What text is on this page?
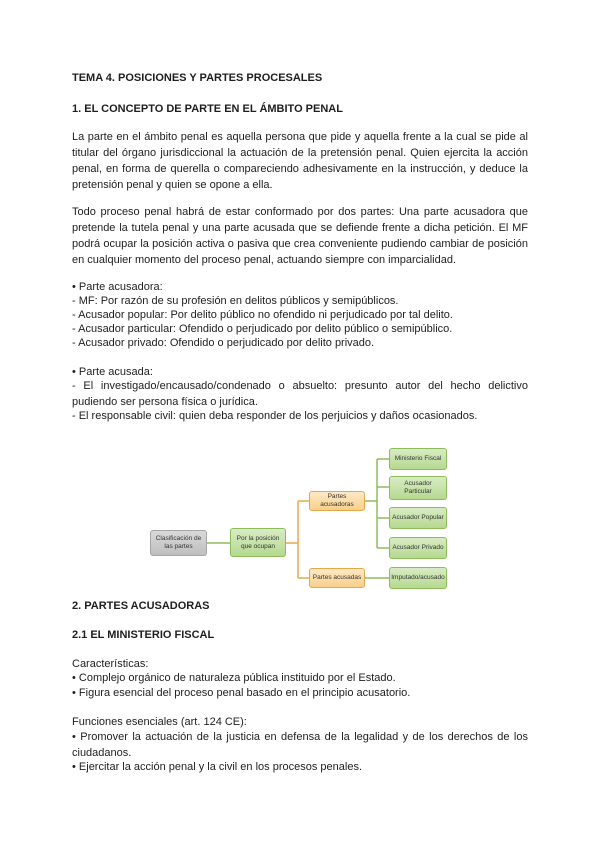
TEMA 4. POSICIONES Y PARTES PROCESALES
1. EL CONCEPTO DE PARTE EN EL ÁMBITO PENAL
La parte en el ámbito penal es aquella persona que pide y aquella frente a la cual se pide al titular del órgano jurisdiccional la actuación de la pretensión penal. Quien ejercita la acción penal, en forma de querella o compareciendo adhesivamente en la instrucción, y deduce la pretensión penal y quien se opone a ella.
Todo proceso penal habrá de estar conformado por dos partes: Una parte acusadora que pretende la tutela penal y una parte acusada que se defiende frente a dicha petición. El MF podrá ocupar la posición activa o pasiva que crea conveniente pudiendo cambiar de posición en cualquier momento del proceso penal, actuando siempre con imparcialidad.
• Parte acusadora:
- MF: Por razón de su profesión en delitos públicos y semipúblicos.
- Acusador popular: Por delito público no ofendido ni perjudicado por tal delito.
- Acusador particular: Ofendido o perjudicado por delito público o semipúblico.
- Acusador privado: Ofendido o perjudicado por delito privado.
• Parte acusada:
- El investigado/encausado/condenado o absuelto: presunto autor del hecho delictivo pudiendo ser persona física o jurídica.
- El responsable civil: quien deba responder de los perjuicios y daños ocasionados.
Clasificación de las partes
Por la posición que ocupan
Partes acusadoras
Partes acusadas
Ministerio Fiscal
Acusador Particular
Acusador Popular
Acusador Privado
Imputado/acusado
2. PARTES ACUSADORAS
2.1 EL MINISTERIO FISCAL
Características:
• Complejo orgánico de naturaleza pública instituido por el Estado.
• Figura esencial del proceso penal basado en el principio acusatorio.
Funciones esenciales (art. 124 CE):
• Promover la actuación de la justicia en defensa de la legalidad y de los derechos de los ciudadanos.
• Ejercitar la acción penal y la civil en los procesos penales.
